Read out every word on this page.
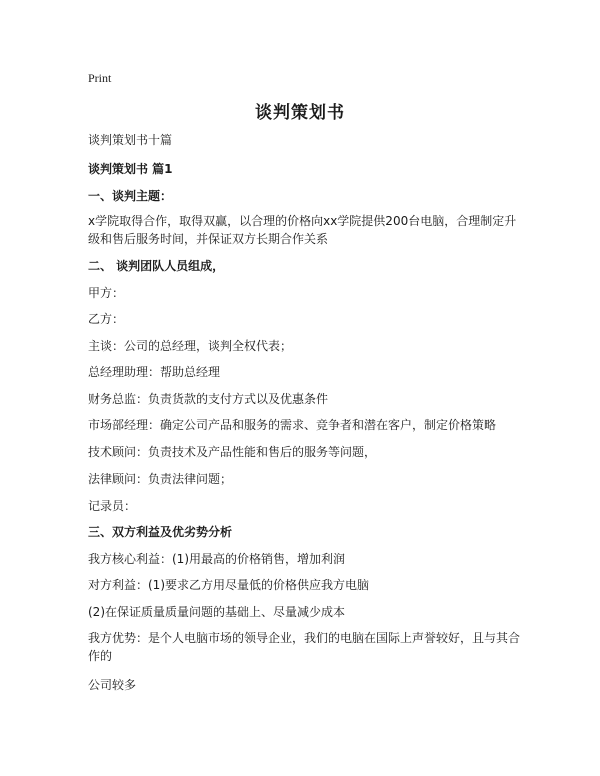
Print
谈判策划书
谈判策划书十篇
谈判策划书 篇1
一、谈判主题：
x学院取得合作，取得双赢，以合理的价格向xx学院提供200台电脑，合理制定升级和售后服务时间，并保证双方长期合作关系
二、 谈判团队人员组成，
甲方：
乙方：
主谈：公司的总经理，谈判全权代表；
总经理助理：帮助总经理
财务总监：负责货款的支付方式以及优惠条件
市场部经理：确定公司产品和服务的需求、竞争者和潜在客户，制定价格策略
技术顾问：负责技术及产品性能和售后的服务等问题，
法律顾问：负责法律问题；
记录员：
三、双方利益及优劣势分析
我方核心利益：(1)用最高的价格销售，增加利润
对方利益：(1)要求乙方用尽量低的价格供应我方电脑
(2)在保证质量质量问题的基础上、尽量减少成本
我方优势：是个人电脑市场的领导企业，我们的电脑在国际上声誉较好，且与其合作的
公司较多
